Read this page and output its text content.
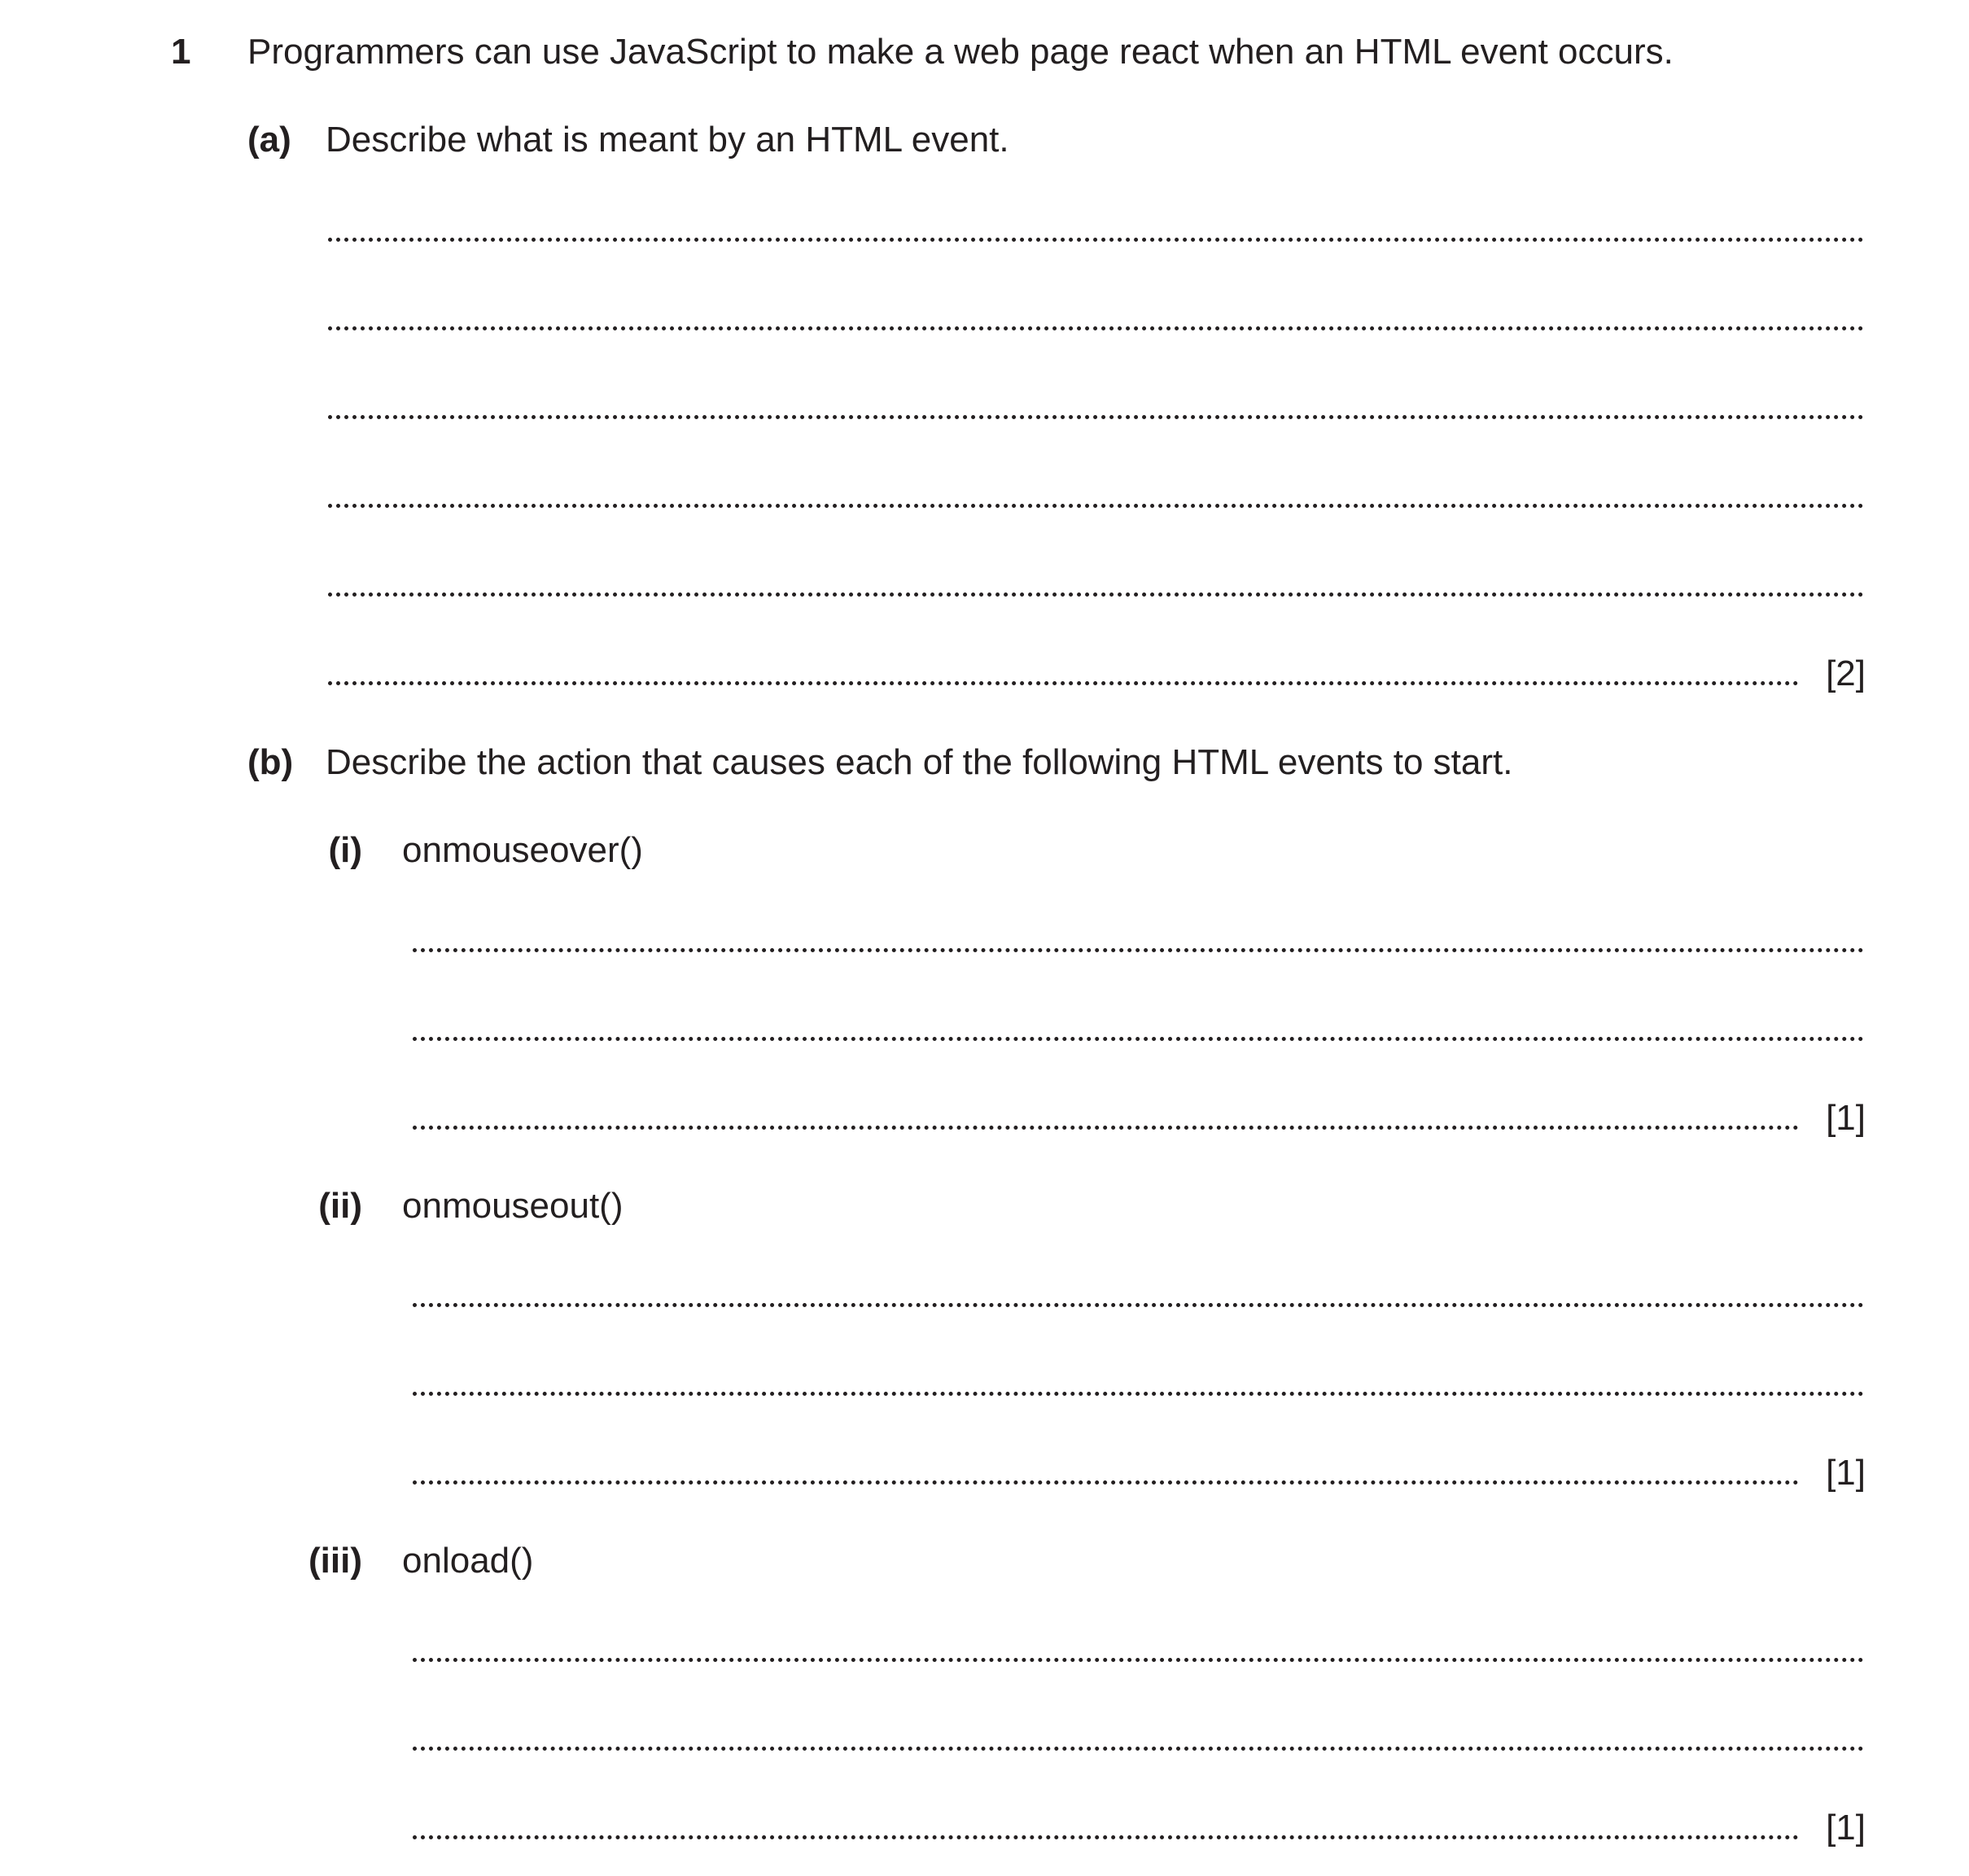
1 Programmers can use JavaScript to make a web page react when an HTML event occurs.
(a) Describe what is meant by an HTML event.
[2]
(b) Describe the action that causes each of the following HTML events to start.
(i) onmouseover()
[1]
(ii) onmouseout()
[1]
(iii) onload()
[1]
